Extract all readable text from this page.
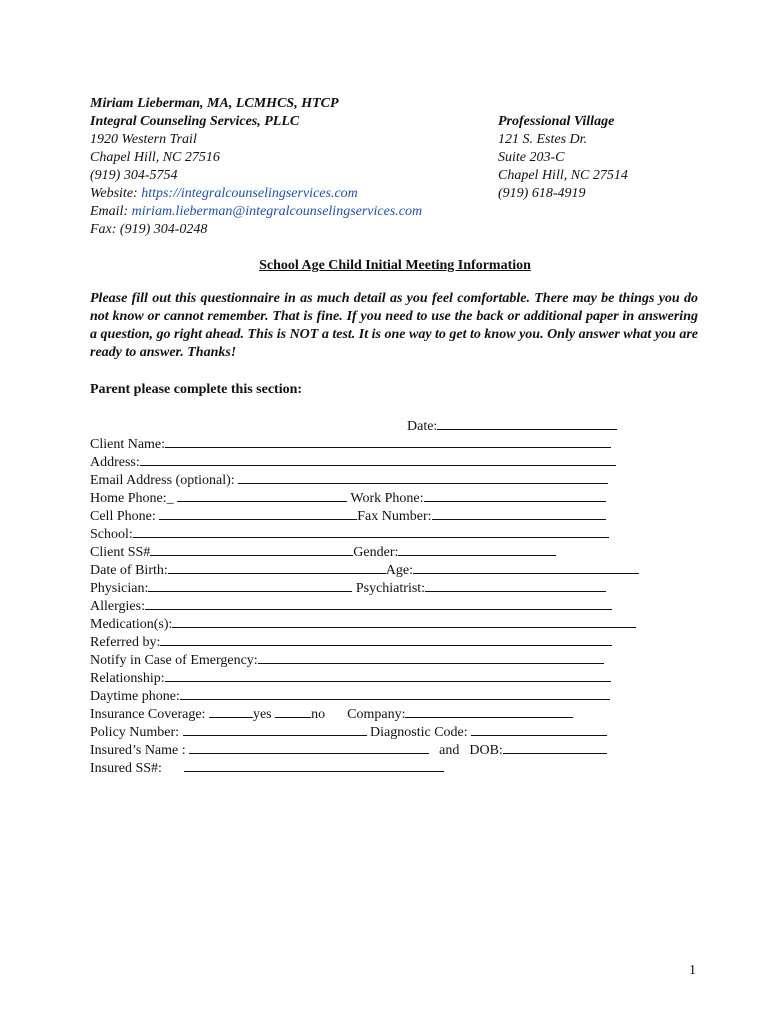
Miriam Lieberman, MA, LCMHCS, HTCP
Integral Counseling Services, PLLC
1920 Western Trail
Chapel Hill, NC 27516
(919) 304-5754
Website: https://integralcounselingservices.com
Email: miriam.lieberman@integralcounselingservices.com
Fax: (919) 304-0248
Professional Village
121 S. Estes Dr.
Suite 203-C
Chapel Hill, NC 27514
(919) 618-4919
School Age Child Initial Meeting Information
Please fill out this questionnaire in as much detail as you feel comfortable. There may be things you do not know or cannot remember. That is fine. If you need to use the back or additional paper in answering a question, go right ahead. This is NOT a test. It is one way to get to know you. Only answer what you are ready to answer. Thanks!
Parent please complete this section:
Date:
Client Name:
Address:
Email Address (optional):
Home Phone:_	Work Phone:
Cell Phone:	Fax Number:
School:
Client SS#	Gender:
Date of Birth:	Age:
Physician:	Psychiatrist:
Allergies:
Medication(s):
Referred by:
Notify in Case of Emergency:
Relationship:
Daytime phone:
Insurance Coverage:	yes	no Company:
Policy Number:	Diagnostic Code:
Insured’s Name :	and DOB:
Insured SS#:
1
